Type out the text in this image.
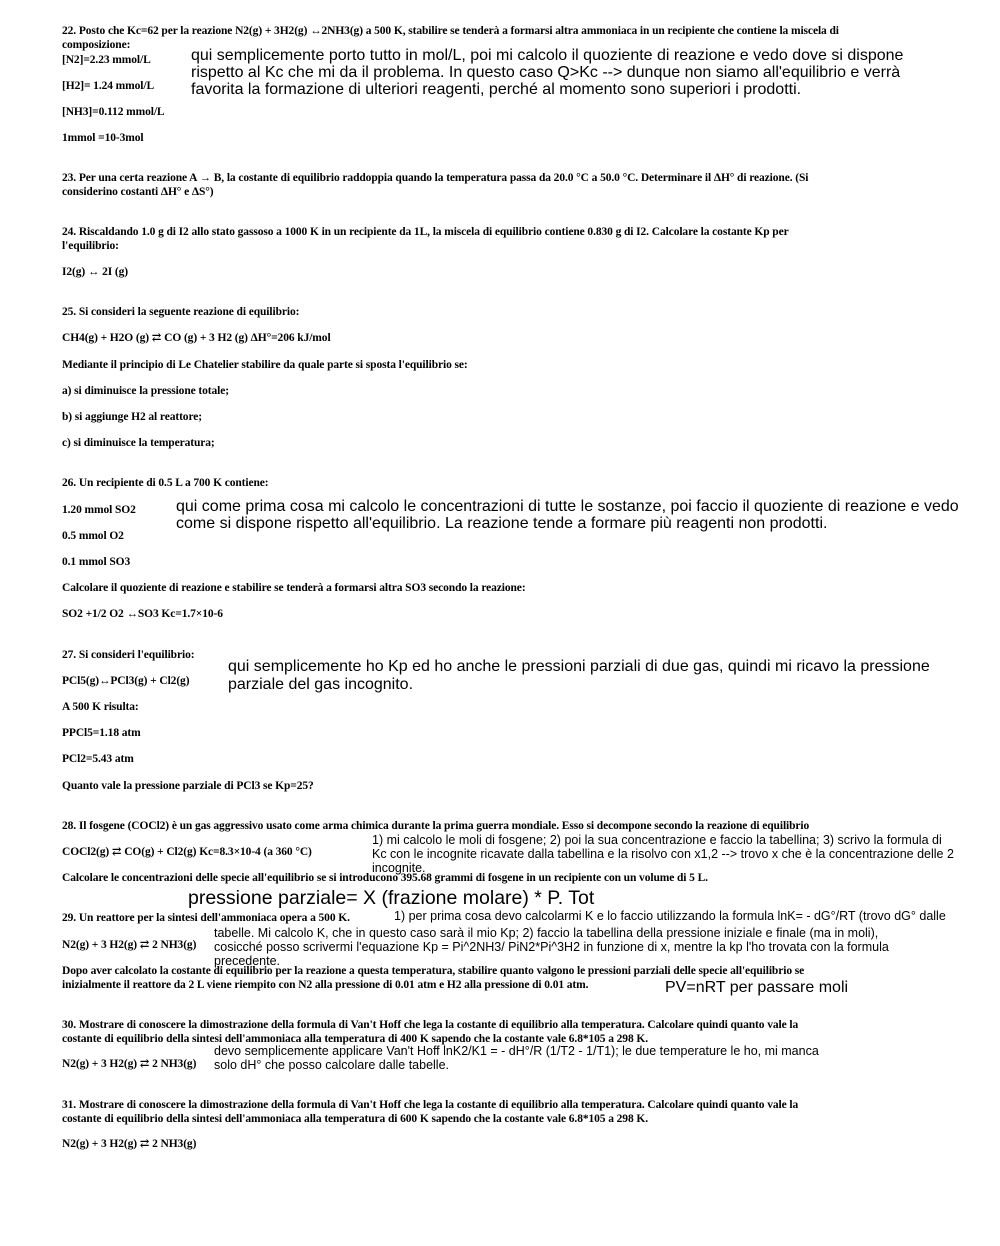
22. Posto che Kc=62 per la reazione N2(g) + 3H2(g) ↔2NH3(g) a 500 K, stabilire se tenderà a formarsi altra ammoniaca in un recipiente che contiene la miscela di
composizione:
[N2]=2.23 mmol/L
[H2]= 1.24 mmol/L
[NH3]=0.112 mmol/L
1mmol =10-3mol
qui semplicemente porto tutto in mol/L, poi mi calcolo il quoziente di reazione e vedo dove si dispone
rispetto al Kc che mi da il problema. In questo caso Q>Kc --> dunque non siamo all'equilibrio e verrà
favorita la formazione di ulteriori reagenti, perché al momento sono superiori i prodotti.
23. Per una certa reazione A → B, la costante di equilibrio raddoppia quando la temperatura passa da 20.0 °C a 50.0 °C. Determinare il ΔH° di reazione. (Si
considerino costanti ΔH° e ΔS°)
24. Riscaldando 1.0 g di I2 allo stato gassoso a 1000 K in un recipiente da 1L, la miscela di equilibrio contiene 0.830 g di I2. Calcolare la costante Kp per
l'equilibrio:
I2(g) ↔ 2I (g)
25. Si consideri la seguente reazione di equilibrio:
CH4(g) + H2O (g) ⇄ CO (g) + 3 H2 (g) ΔH°=206 kJ/mol
Mediante il principio di Le Chatelier stabilire da quale parte si sposta l'equilibrio se:
a) si diminuisce la pressione totale;
b) si aggiunge H2 al reattore;
c) si diminuisce la temperatura;
26. Un recipiente di 0.5 L a 700 K contiene:
1.20 mmol SO2
0.5 mmol O2
0.1 mmol SO3
Calcolare il quoziente di reazione e stabilire se tenderà a formarsi altra SO3 secondo la reazione:
SO2 +1/2 O2 ↔SO3 Kc=1.7×10-6
qui come prima cosa mi calcolo le concentrazioni di tutte le sostanze, poi faccio il quoziente di reazione e vedo
come si dispone rispetto all'equilibrio. La reazione tende a formare più reagenti non prodotti.
27. Si consideri l'equilibrio:
PCl5(g)↔PCl3(g) + Cl2(g)
A 500 K risulta:
PPCl5=1.18 atm
PCl2=5.43 atm
Quanto vale la pressione parziale di PCl3 se Kp=25?
qui semplicemente ho Kp ed ho anche le pressioni parziali di due gas, quindi mi ricavo la pressione
parziale del gas incognito.
28. Il fosgene (COCl2) è un gas aggressivo usato come arma chimica durante la prima guerra mondiale. Esso si decompone secondo la reazione di equilibrio
COCl2(g) ⇄ CO(g) + Cl2(g) Kc=8.3×10-4 (a 360 °C)
Calcolare le concentrazioni delle specie all'equilibrio se si introducono 395.68 grammi di fosgene in un recipiente con un volume di 5 L.
1) mi calcolo le moli di fosgene; 2) poi la sua concentrazione e faccio la tabellina; 3) scrivo la formula di
Kc con le incognite ricavate dalla tabellina e la risolvo con x1,2 --> trovo x che è la concentrazione delle 2
incognite.
pressione parziale= X (frazione molare) * P. Tot
29. Un reattore per la sintesi dell'ammoniaca opera a 500 K.	1) per prima cosa devo calcolarmi K e lo faccio utilizzando la formula lnK= - dG°/RT (trovo dG° dalle
tabelle. Mi calcolo K, che in questo caso sarà il mio Kp; 2) faccio la tabellina della pressione iniziale e finale (ma in moli),
N2(g) + 3 H2(g) ⇄ 2 NH3(g) cosicché posso scrivermi l'equazione Kp = Pi^2NH3/ PiN2*Pi^3H2 in funzione di x, mentre la kp l'ho trovata con la formula
precedente.
Dopo aver calcolato la costante di equilibrio per la reazione a questa temperatura, stabilire quanto valgono le pressioni parziali delle specie all'equilibrio se
inizialmente il reattore da 2 L viene riempito con N2 alla pressione di 0.01 atm e H2 alla pressione di 0.01 atm.	PV=nRT per passare moli
30. Mostrare di conoscere la dimostrazione della formula di Van't Hoff che lega la costante di equilibrio alla temperatura. Calcolare quindi quanto vale la
costante di equilibrio della sintesi dell'ammoniaca alla temperatura di 400 K sapendo che la costante vale 6.8*105 a 298 K.
devo semplicemente applicare Van't Hoff lnK2/K1 = - dH°/R (1/T2 - 1/T1); le due temperature le ho, mi manca
N2(g) + 3 H2(g) ⇄ 2 NH3(g) solo dH° che posso calcolare dalle tabelle.
31. Mostrare di conoscere la dimostrazione della formula di Van't Hoff che lega la costante di equilibrio alla temperatura. Calcolare quindi quanto vale la
costante di equilibrio della sintesi dell'ammoniaca alla temperatura di 600 K sapendo che la costante vale 6.8*105 a 298 K.
N2(g) + 3 H2(g) ⇄ 2 NH3(g)
